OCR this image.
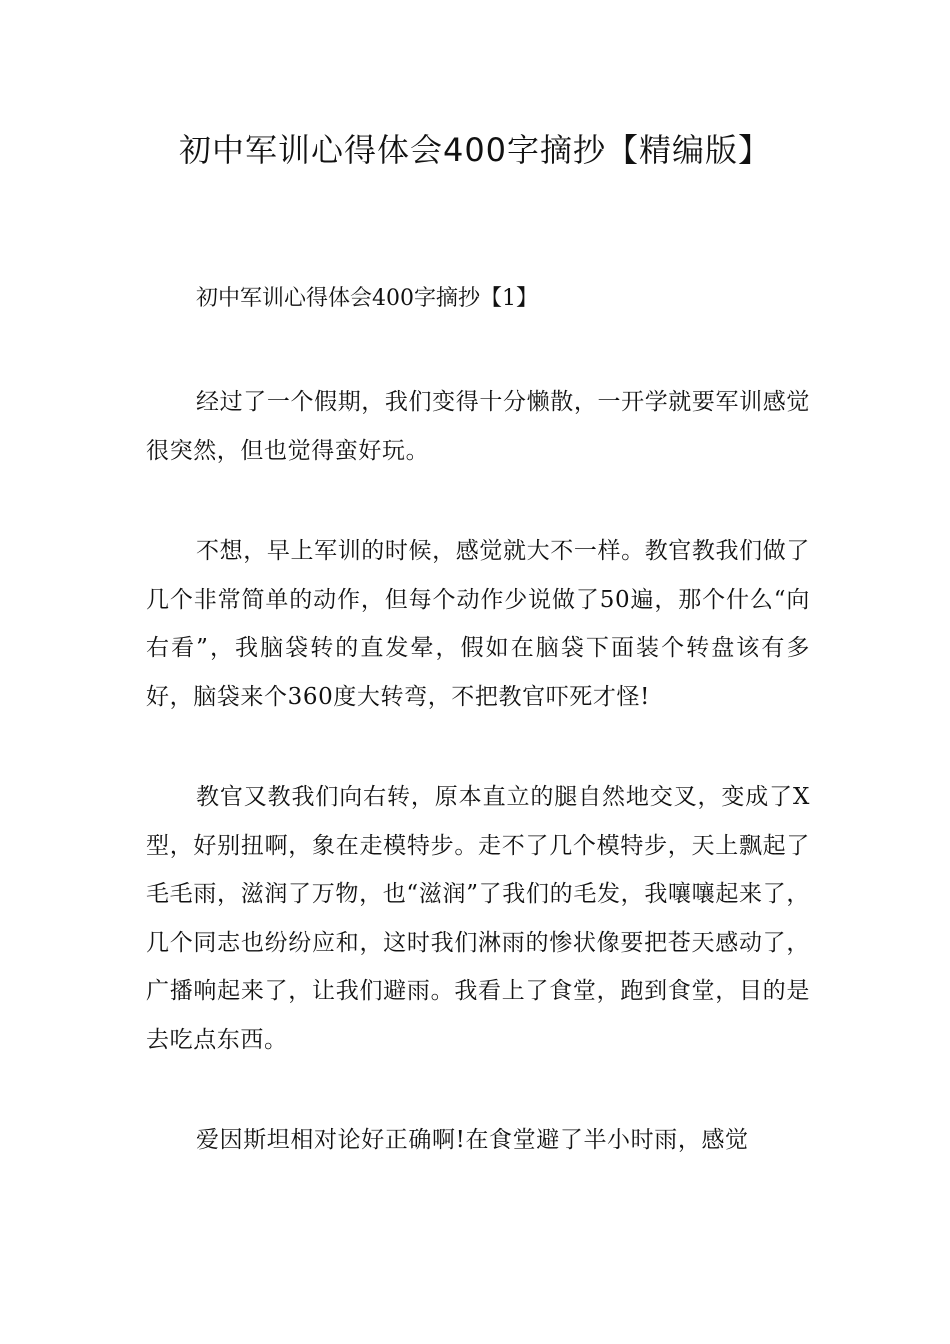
初中军训心得体会400字摘抄【精编版】
初中军训心得体会400字摘抄【1】

经过了一个假期，我们变得十分懒散，一开学就要军训感觉很突然，但也觉得蛮好玩。

不想，早上军训的时候，感觉就大不一样。教官教我们做了几个非常简单的动作，但每个动作少说做了50遍，那个什么“向右看”，我脑袋转的直发晕，假如在脑袋下面装个转盘该有多好，脑袋来个360度大转弯，不把教官吓死才怪!

教官又教我们向右转，原本直立的腿自然地交叉，变成了X型，好别扭啊，象在走模特步。走不了几个模特步，天上飘起了毛毛雨，滋润了万物，也“滋润”了我们的毛发，我嚷嚷起来了，几个同志也纷纷应和，这时我们淋雨的惨状像要把苍天感动了，广播响起来了，让我们避雨。我看上了食堂，跑到食堂，目的是去吃点东西。

爱因斯坦相对论好正确啊!在食堂避了半小时雨，感觉
